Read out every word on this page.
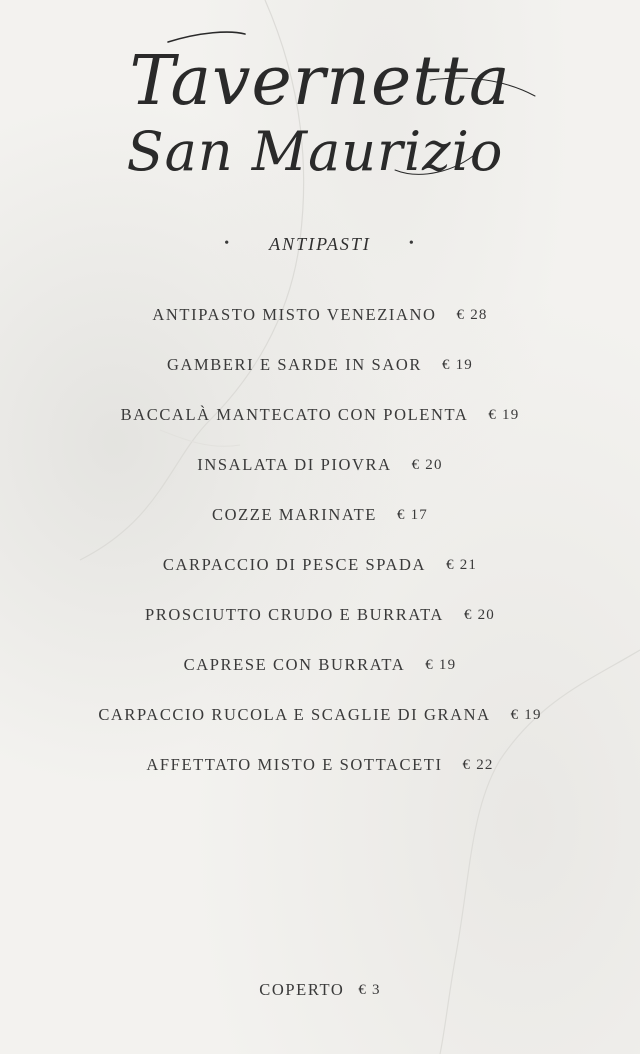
Tavernetta
San Maurizio
• ANTIPASTI	•
ANTIPASTO MISTO VENEZIANO € 28
GAMBERI E SARDE IN SAOR € 19
BACCALÀ MANTECATO CON POLENTA € 19
INSALATA DI PIOVRA € 20
COZZE MARINATE € 17
CARPACCIO DI PESCE SPADA € 21
PROSCIUTTO CRUDO E BURRATA € 20
CAPRESE CON BURRATA € 19
CARPACCIO RUCOLA E SCAGLIE DI GRANA € 19
AFFETTATO MISTO E SOTTACETI € 22
COPERTO € 3
